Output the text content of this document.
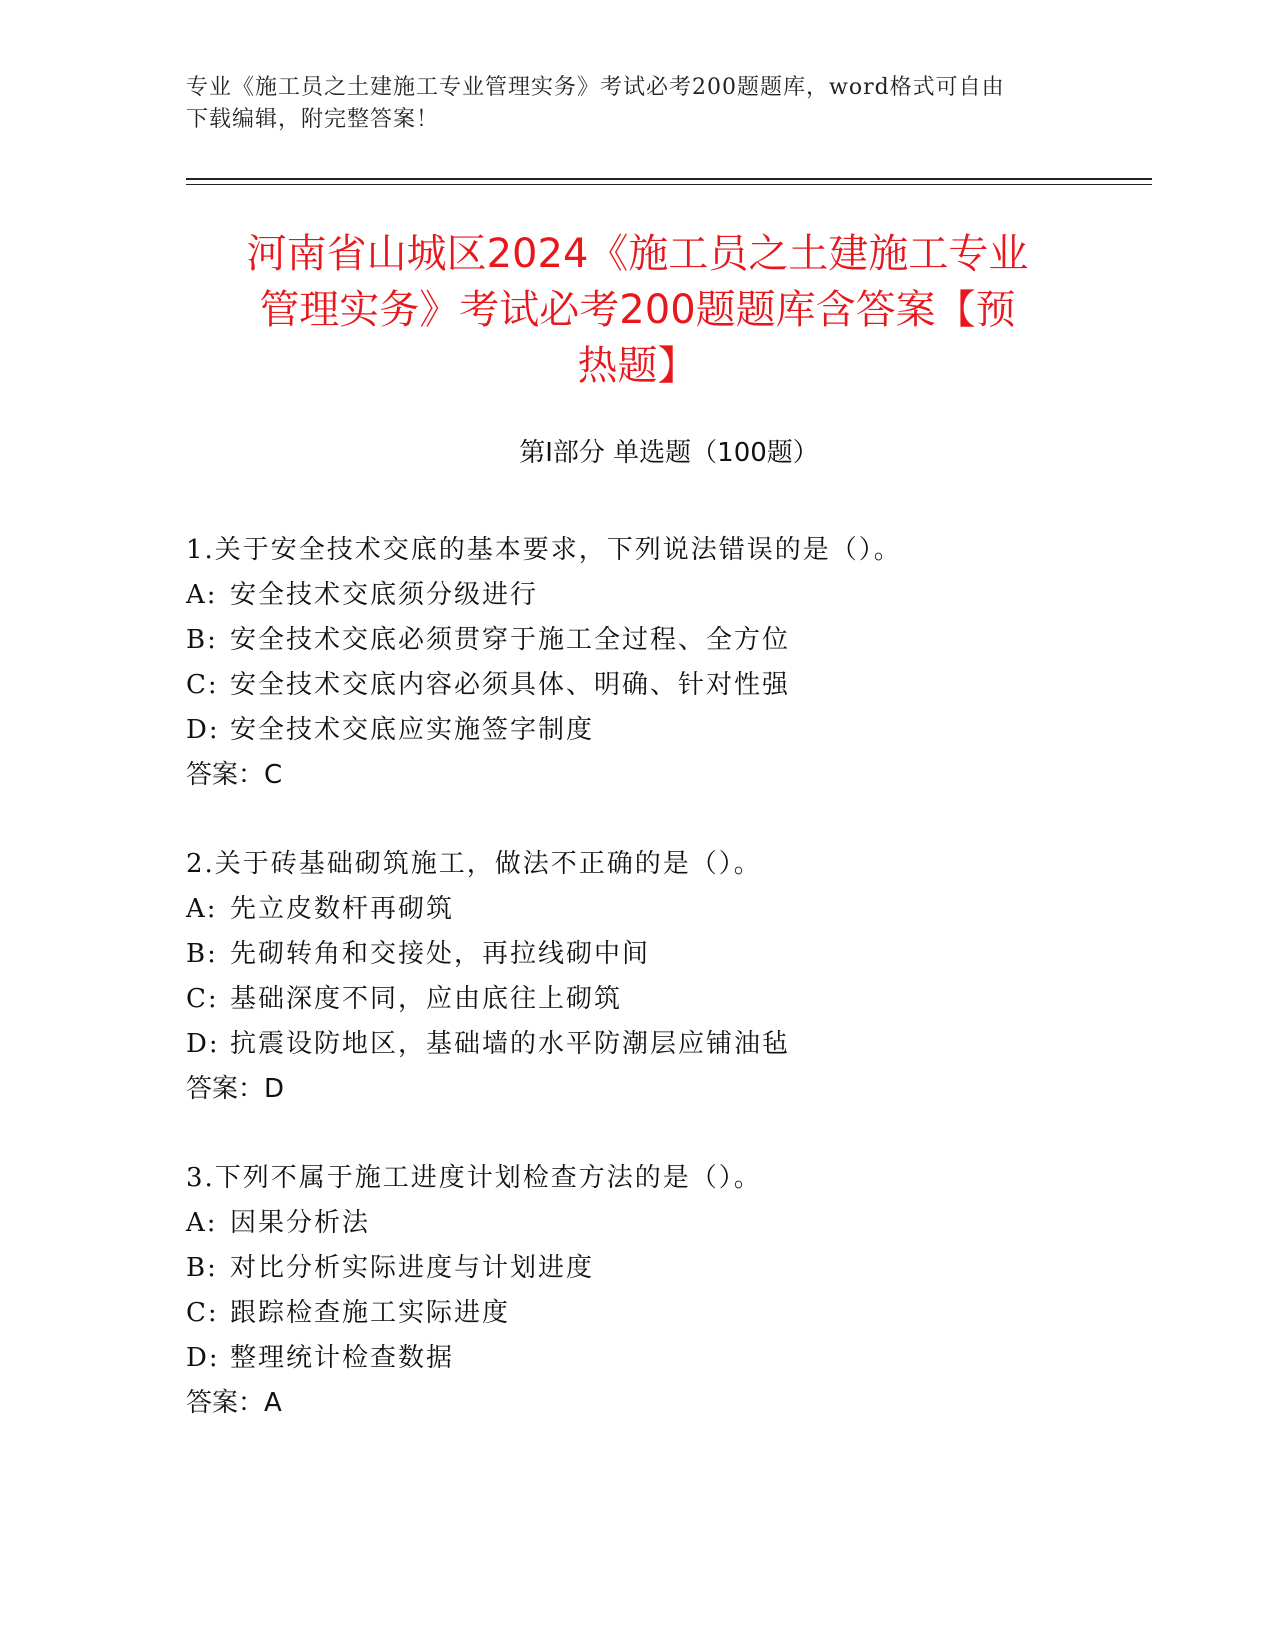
专业《施工员之土建施工专业管理实务》考试必考200题题库，word格式可自由
下载编辑，附完整答案！
河南省山城区2024《施工员之土建施工专业
管理实务》考试必考200题题库含答案【预
热题】
第Ⅰ部分 单选题（100题）
1.关于安全技术交底的基本要求，下列说法错误的是（）。
A: 安全技术交底须分级进行
B: 安全技术交底必须贯穿于施工全过程、全方位
C: 安全技术交底内容必须具体、明确、针对性强
D: 安全技术交底应实施签字制度
答案：C
2.关于砖基础砌筑施工，做法不正确的是（）。
A: 先立皮数杆再砌筑
B: 先砌转角和交接处，再拉线砌中间
C: 基础深度不同，应由底往上砌筑
D: 抗震设防地区，基础墙的水平防潮层应铺油毡
答案：D
3.下列不属于施工进度计划检查方法的是（）。
A: 因果分析法
B: 对比分析实际进度与计划进度
C: 跟踪检查施工实际进度
D: 整理统计检查数据
答案：A
